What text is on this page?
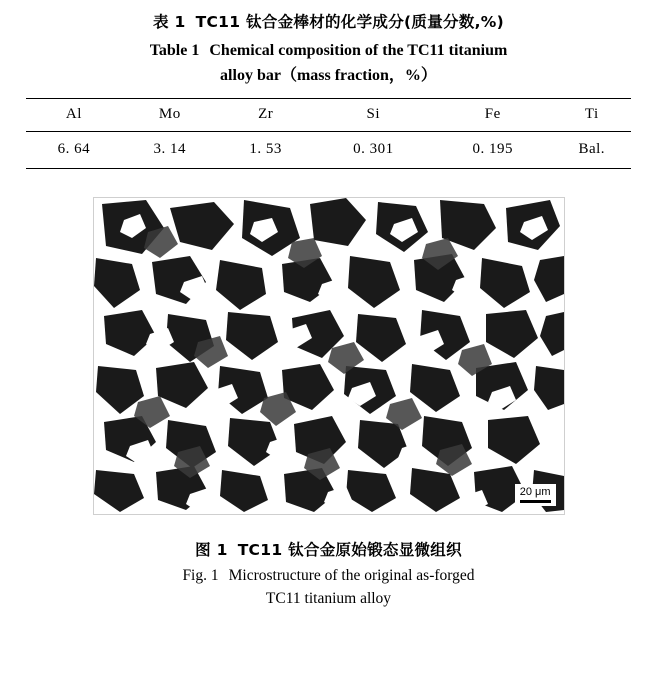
表 1 TC11 钛合金棒材的化学成分(质量分数,%)
Table 1 Chemical composition of the TC11 titanium
alloy bar（mass fraction，%）
Al	Mo	Zr	Si	Fe	Ti
6. 64	3. 14	1. 53	0. 301	0. 195	Bal.
20 μm
图 1 TC11 钛合金原始锻态显微组织
Fig. 1 Microstructure of the original as-forged
TC11 titanium alloy
